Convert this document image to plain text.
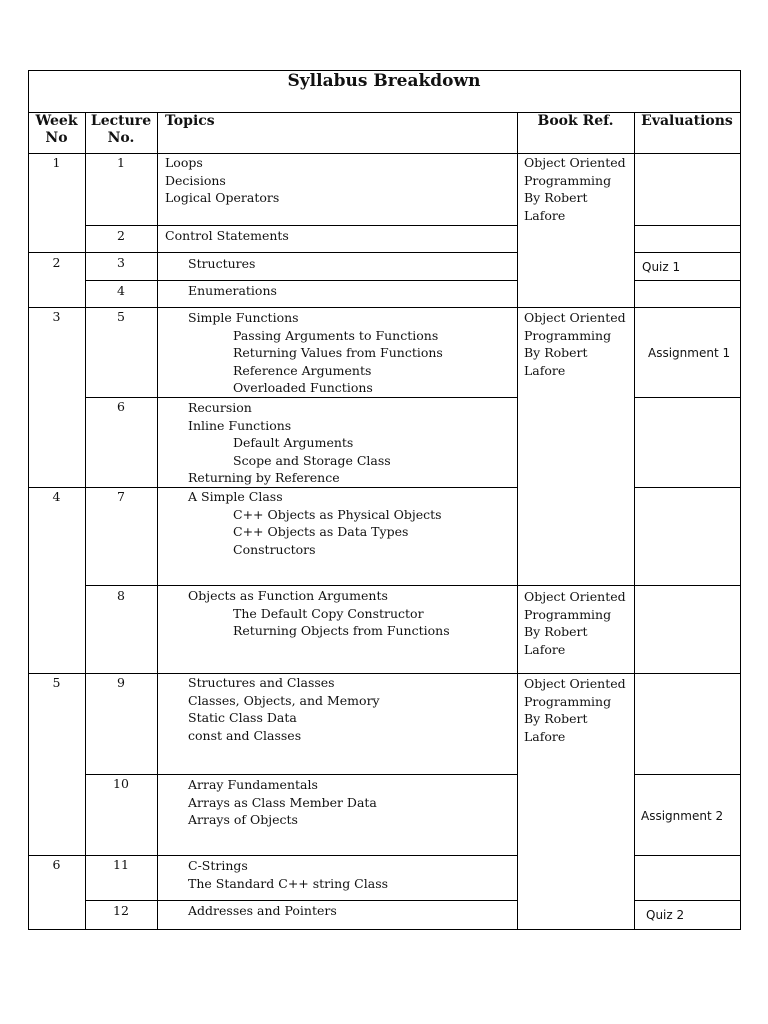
Syllabus Breakdown
Week
No
Lecture
No.
Topics	Book Ref.	Evaluations
1
2
3
4
5
6
1
2
3
4
5
6
7
8
9
10
11
12
Loops
Decisions
Logical Operators
Control Statements
Structures
Enumerations
Simple Functions
Passing Arguments to Functions
Returning Values from Functions
Reference Arguments
Overloaded Functions
Recursion
Inline Functions
Default Arguments
Scope and Storage Class
Returning by Reference
A Simple Class
C++ Objects as Physical Objects
C++ Objects as Data Types
Constructors
Objects as Function Arguments
The Default Copy Constructor
Returning Objects from Functions
Structures and Classes
Classes, Objects, and Memory
Static Class Data
const and Classes
Array Fundamentals
Arrays as Class Member Data
Arrays of Objects
C-Strings
The Standard C++ string Class
Addresses and Pointers
Object Oriented
Programming
By Robert
Lafore
Object Oriented
Programming
By Robert
Lafore
Object Oriented
Programming
By Robert
Lafore
Object Oriented
Programming
By Robert
Lafore
Quiz 1
Assignment 1
Assignment 2
Quiz 2
